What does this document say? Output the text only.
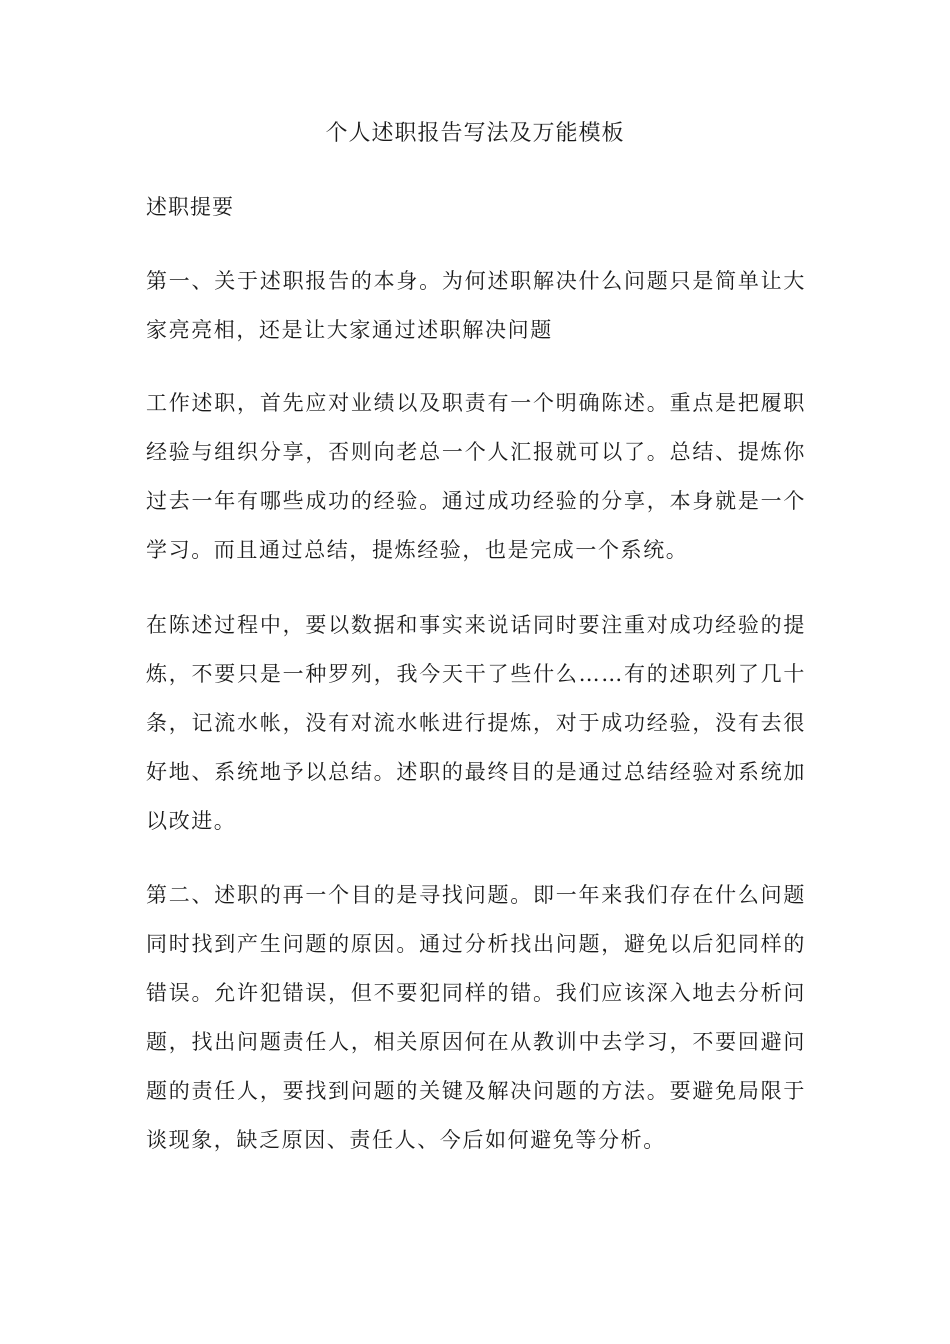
个人述职报告写法及万能模板
述职提要

第一、关于述职报告的本身。为何述职解决什么问题只是简单让大家亮亮相，还是让大家通过述职解决问题

工作述职，首先应对业绩以及职责有一个明确陈述。重点是把履职经验与组织分享，否则向老总一个人汇报就可以了。总结、提炼你过去一年有哪些成功的经验。通过成功经验的分享，本身就是一个学习。而且通过总结，提炼经验，也是完成一个系统。

在陈述过程中，要以数据和事实来说话同时要注重对成功经验的提炼，不要只是一种罗列，我今天干了些什么……有的述职列了几十条，记流水帐，没有对流水帐进行提炼，对于成功经验，没有去很好地、系统地予以总结。述职的最终目的是通过总结经验对系统加以改进。

第二、述职的再一个目的是寻找问题。即一年来我们存在什么问题同时找到产生问题的原因。通过分析找出问题，避免以后犯同样的错误。允许犯错误，但不要犯同样的错。我们应该深入地去分析问题，找出问题责任人，相关原因何在从教训中去学习，不要回避问题的责任人，要找到问题的关键及解决问题的方法。要避免局限于谈现象，缺乏原因、责任人、今后如何避免等分析。
